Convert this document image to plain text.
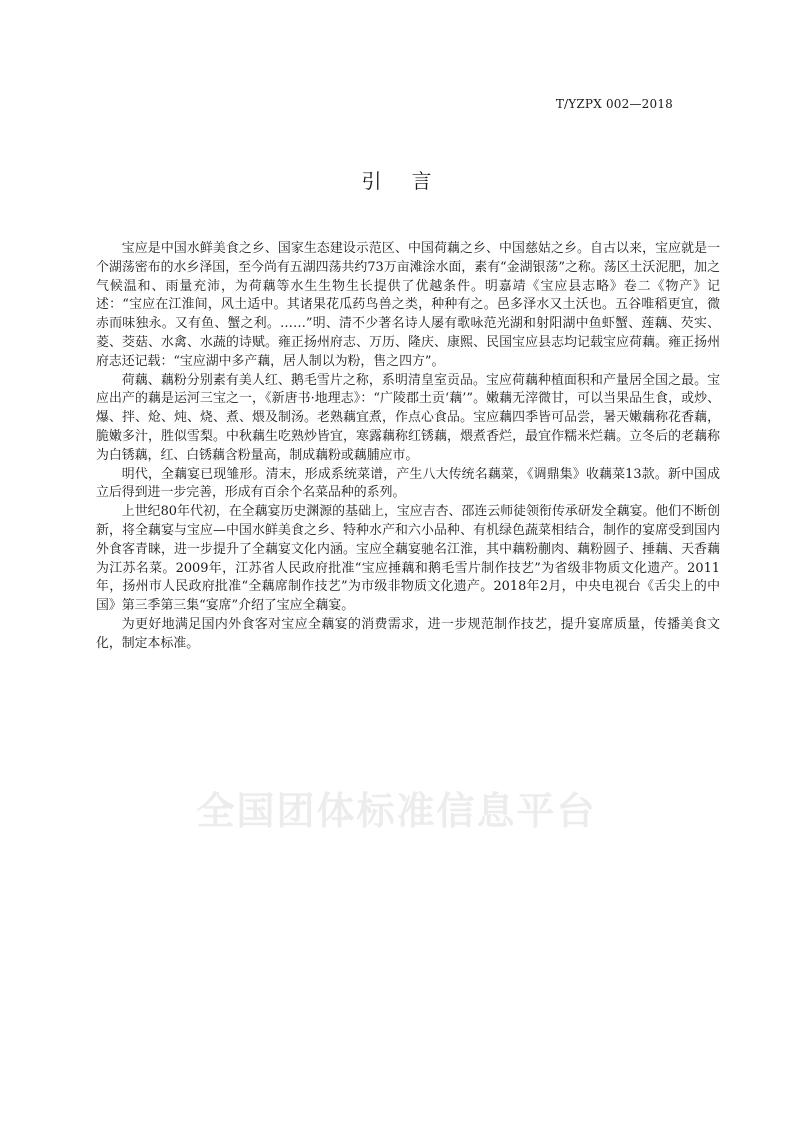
T/YZPX 002—2018
引言

宝应是中国水鲜美食之乡、国家生态建设示范区、中国荷藕之乡、中国慈姑之乡。自古以来，宝应就是一个湖荡密布的水乡泽国，至今尚有五湖四荡共约73万亩滩涂水面，素有“金湖银荡”之称。荡区土沃泥肥，加之气候温和、雨量充沛，为荷藕等水生生物生长提供了优越条件。明嘉靖《宝应县志略》卷二《物产》记述：“宝应在江淮间，风土适中。其诸果花瓜药鸟兽之类，种种有之。邑多泽水又土沃也。五谷唯稻更宜，微赤而味独永。又有鱼、蟹之利。……”明、清不少著名诗人屡有歌咏范光湖和射阳湖中鱼虾蟹、莲藕、芡实、菱、茭菇、水禽、水蔬的诗赋。雍正扬州府志、万历、隆庆、康熙、民国宝应县志均记载宝应荷藕。雍正扬州府志还记载：“宝应湖中多产藕，居人制以为粉，售之四方”。

荷藕、藕粉分别素有美人红、鹅毛雪片之称，系明清皇室贡品。宝应荷藕种植面积和产量居全国之最。宝应出产的藕是运河三宝之一，《新唐书·地理志》：“广陵郡土贡‘藕’”。嫩藕无滓微甘，可以当果品生食，或炒、爆、拌、炝、炖、烧、煮、煨及制汤。老熟藕宜煮，作点心食品。宝应藕四季皆可品尝，暑天嫩藕称花香藕，脆嫩多汁，胜似雪梨。中秋藕生吃熟炒皆宜，寒露藕称红锈藕，煨煮香烂，最宜作糯米烂藕。立冬后的老藕称为白锈藕，红、白锈藕含粉量高，制成藕粉或藕脯应市。

明代，全藕宴已现雏形。清末，形成系统菜谱，产生八大传统名藕菜，《调鼎集》收藕菜13款。新中国成立后得到进一步完善，形成有百余个名菜品种的系列。

上世纪80年代初，在全藕宴历史渊源的基础上，宝应吉杏、邵连云师徒领衔传承研发全藕宴。他们不断创新，将全藕宴与宝应—中国水鲜美食之乡、特种水产和六小品种、有机绿色蔬菜相结合，制作的宴席受到国内外食客青睐，进一步提升了全藕宴文化内涵。宝应全藕宴驰名江淮，其中藕粉蒯肉、藕粉圆子、捶藕、天香藕为江苏名菜。2009年，江苏省人民政府批准“宝应捶藕和鹅毛雪片制作技艺”为省级非物质文化遗产。2011年，扬州市人民政府批准“全藕席制作技艺”为市级非物质文化遗产。2018年2月，中央电视台《舌尖上的中国》第三季第三集“宴席”介绍了宝应全藕宴。

为更好地满足国内外食客对宝应全藕宴的消费需求，进一步规范制作技艺，提升宴席质量，传播美食文化，制定本标准。

全国团体标准信息平台
